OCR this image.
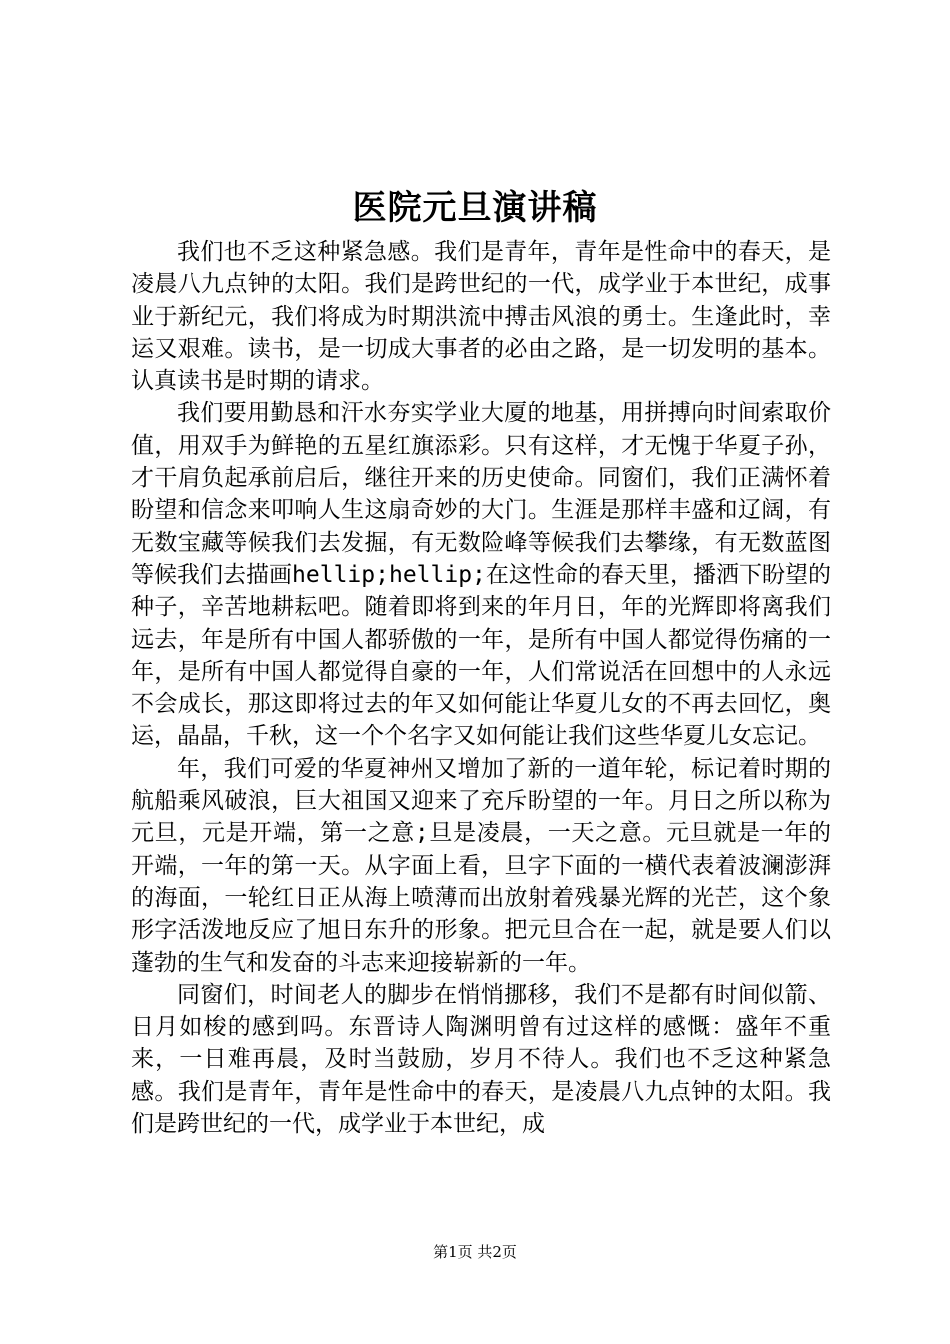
医院元旦演讲稿

我们也不乏这种紧急感。我们是青年，青年是性命中的春天，是凌晨八九点钟的太阳。我们是跨世纪的一代，成学业于本世纪，成事业于新纪元，我们将成为时期洪流中搏击风浪的勇士。生逢此时，幸运又艰难。读书，是一切成大事者的必由之路，是一切发明的基本。认真读书是时期的请求。

我们要用勤恳和汗水夯实学业大厦的地基，用拼搏向时间索取价值，用双手为鲜艳的五星红旗添彩。只有这样，才无愧于华夏子孙，才干肩负起承前启后，继往开来的历史使命。同窗们，我们正满怀着盼望和信念来叩响人生这扇奇妙的大门。生涯是那样丰盛和辽阔，有无数宝藏等候我们去发掘，有无数险峰等候我们去攀缘，有无数蓝图等候我们去描画hellip;hellip;在这性命的春天里，播洒下盼望的种子，辛苦地耕耘吧。随着即将到来的年月日，年的光辉即将离我们远去，年是所有中国人都骄傲的一年，是所有中国人都觉得伤痛的一年，是所有中国人都觉得自豪的一年，人们常说活在回想中的人永远不会成长，那这即将过去的年又如何能让华夏儿女的不再去回忆，奥运，晶晶，千秋，这一个个名字又如何能让我们这些华夏儿女忘记。

年，我们可爱的华夏神州又增加了新的一道年轮，标记着时期的航船乘风破浪，巨大祖国又迎来了充斥盼望的一年。月日之所以称为元旦，元是开端，第一之意;旦是凌晨，一天之意。元旦就是一年的开端，一年的第一天。从字面上看，旦字下面的一横代表着波澜澎湃的海面，一轮红日正从海上喷薄而出放射着残暴光辉的光芒，这个象形字活泼地反应了旭日东升的形象。把元旦合在一起，就是要人们以蓬勃的生气和发奋的斗志来迎接崭新的一年。

同窗们，时间老人的脚步在悄悄挪移，我们不是都有时间似箭、日月如梭的感到吗。东晋诗人陶渊明曾有过这样的感慨：盛年不重来，一日难再晨，及时当鼓励，岁月不待人。我们也不乏这种紧急感。我们是青年，青年是性命中的春天，是凌晨八九点钟的太阳。我们是跨世纪的一代，成学业于本世纪，成

第1页 共2页
